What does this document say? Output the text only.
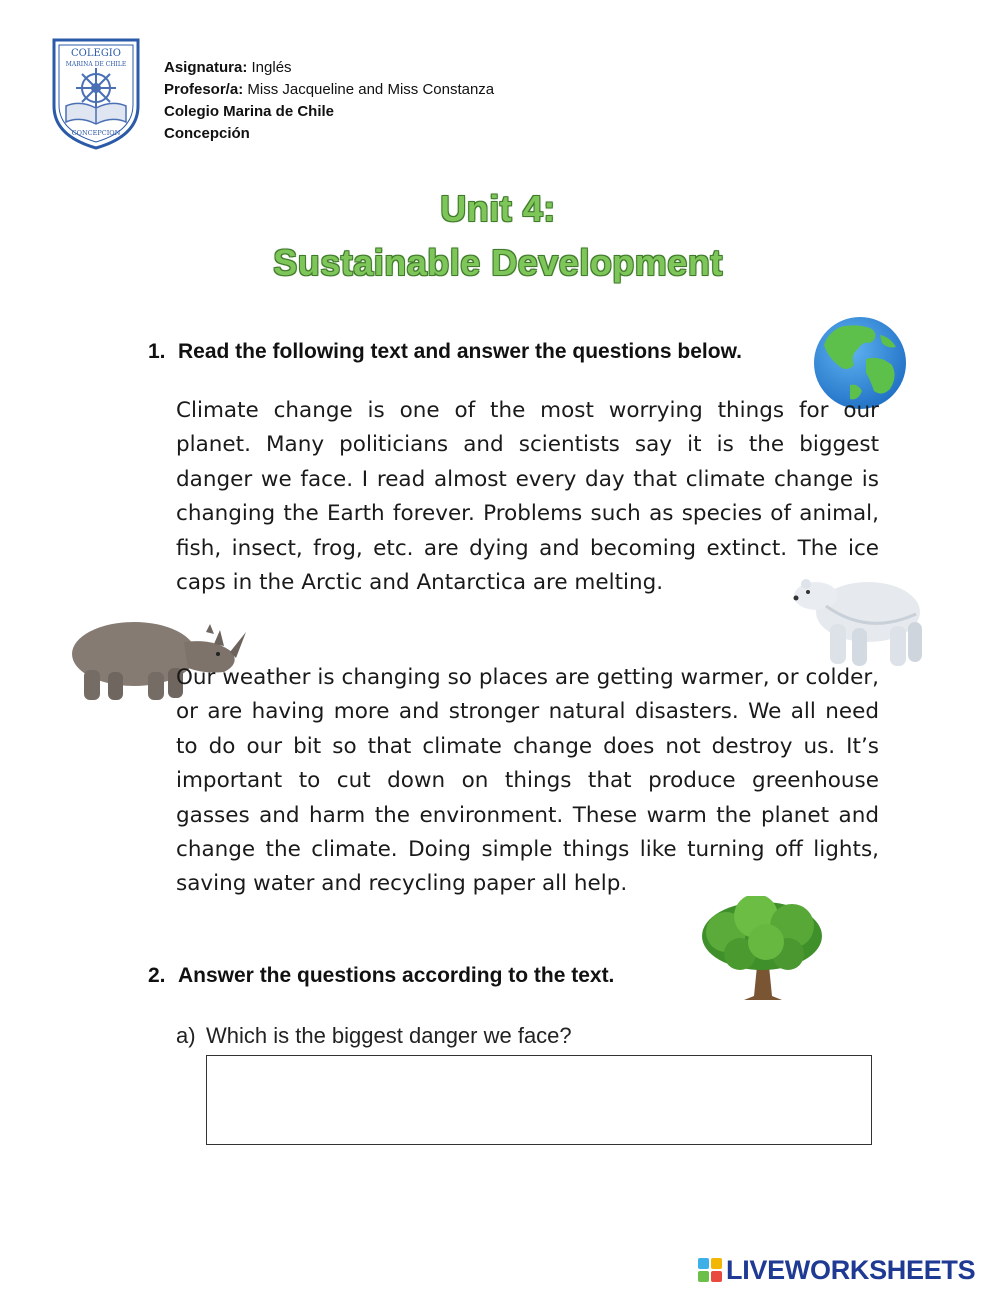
COLEGIO
MARINA DE CHILE
CONCEPCION
Asignatura: Inglés
Profesor/a: Miss Jacqueline and Miss Constanza
Colegio Marina de Chile
Concepción
Unit 4:
Sustainable Development
1. Read the following text and answer the questions below.
Climate change is one of the most worrying things for our planet. Many politicians and scientists say it is the biggest danger we face. I read almost every day that climate change is changing the Earth forever. Problems such as species of animal, fish, insect, frog, etc. are dying and becoming extinct. The ice caps in the Arctic and Antarctica are melting.
Our weather is changing so places are getting warmer, or colder, or are having more and stronger natural disasters. We all need to do our bit so that climate change does not destroy us. It’s important to cut down on things that produce greenhouse gasses and harm the environment. These warm the planet and change the climate. Doing simple things like turning off lights, saving water and recycling paper all help.
2. Answer the questions according to the text.
a) Which is the biggest danger we face?
LIVEWORKSHEETS
